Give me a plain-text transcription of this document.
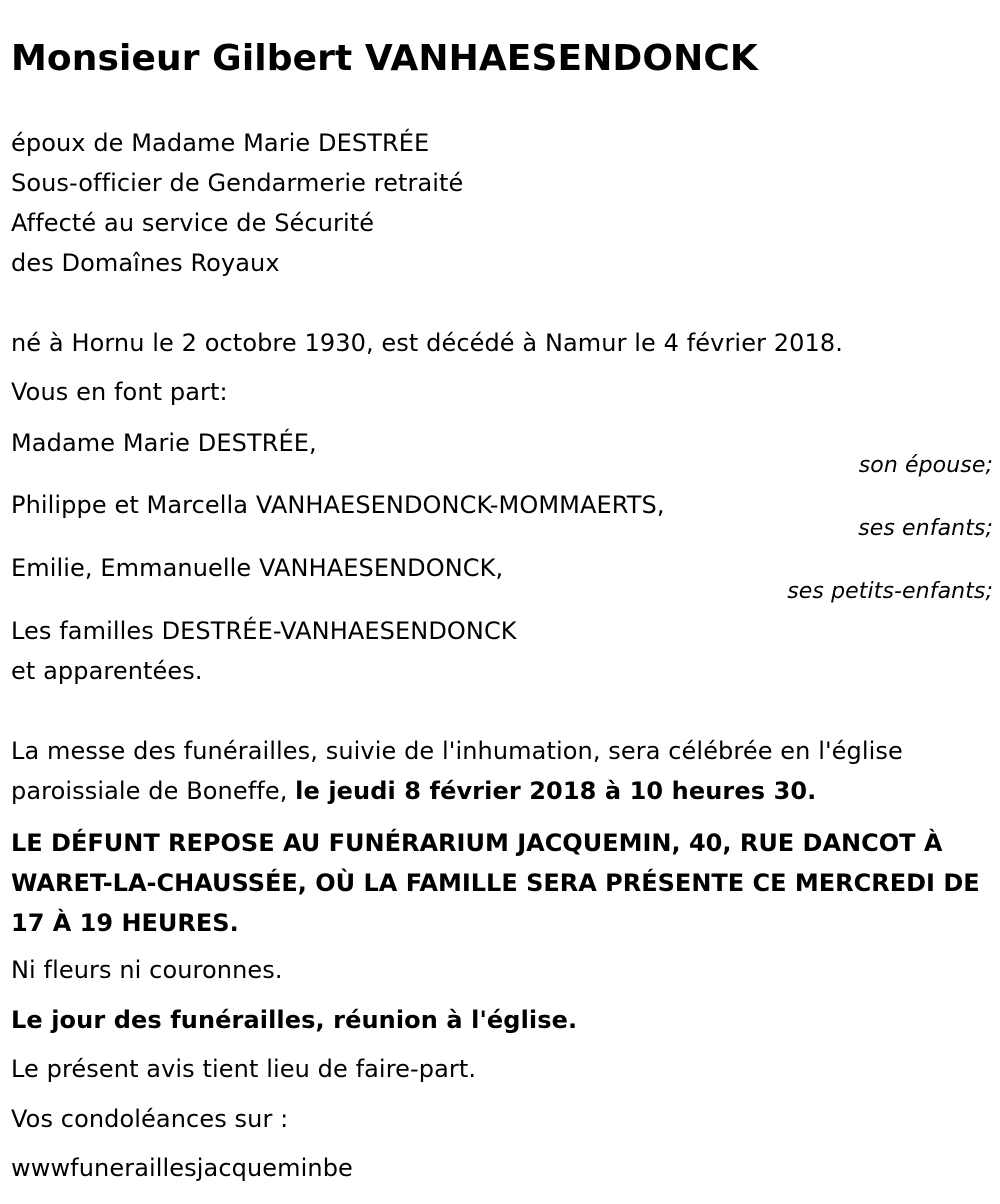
Monsieur Gilbert VANHAESENDONCK
époux de Madame Marie DESTRÉE
Sous-officier de Gendarmerie retraité
Affecté au service de Sécurité
des Domaînes Royaux
né à Hornu le 2 octobre 1930, est décédé à Namur le 4 février 2018.
Vous en font part:
Madame Marie DESTRÉE,
son épouse;
Philippe et Marcella VANHAESENDONCK-MOMMAERTS,
ses enfants;
Emilie, Emmanuelle VANHAESENDONCK,
ses petits-enfants;
Les familles DESTRÉE-VANHAESENDONCK
et apparentées.
La messe des funérailles, suivie de l'inhumation, sera célébrée en l'église
paroissiale de Boneffe, le jeudi 8 février 2018 à 10 heures 30.
LE DÉFUNT REPOSE AU FUNÉRARIUM JACQUEMIN, 40, RUE DANCOT À WARET-LA-CHAUSSÉE, OÙ LA FAMILLE SERA PRÉSENTE CE MERCREDI DE 17 À 19 HEURES.
Ni fleurs ni couronnes.
Le jour des funérailles, réunion à l'église.
Le présent avis tient lieu de faire-part.
Vos condoléances sur :
wwwfuneraillesjacqueminbe
